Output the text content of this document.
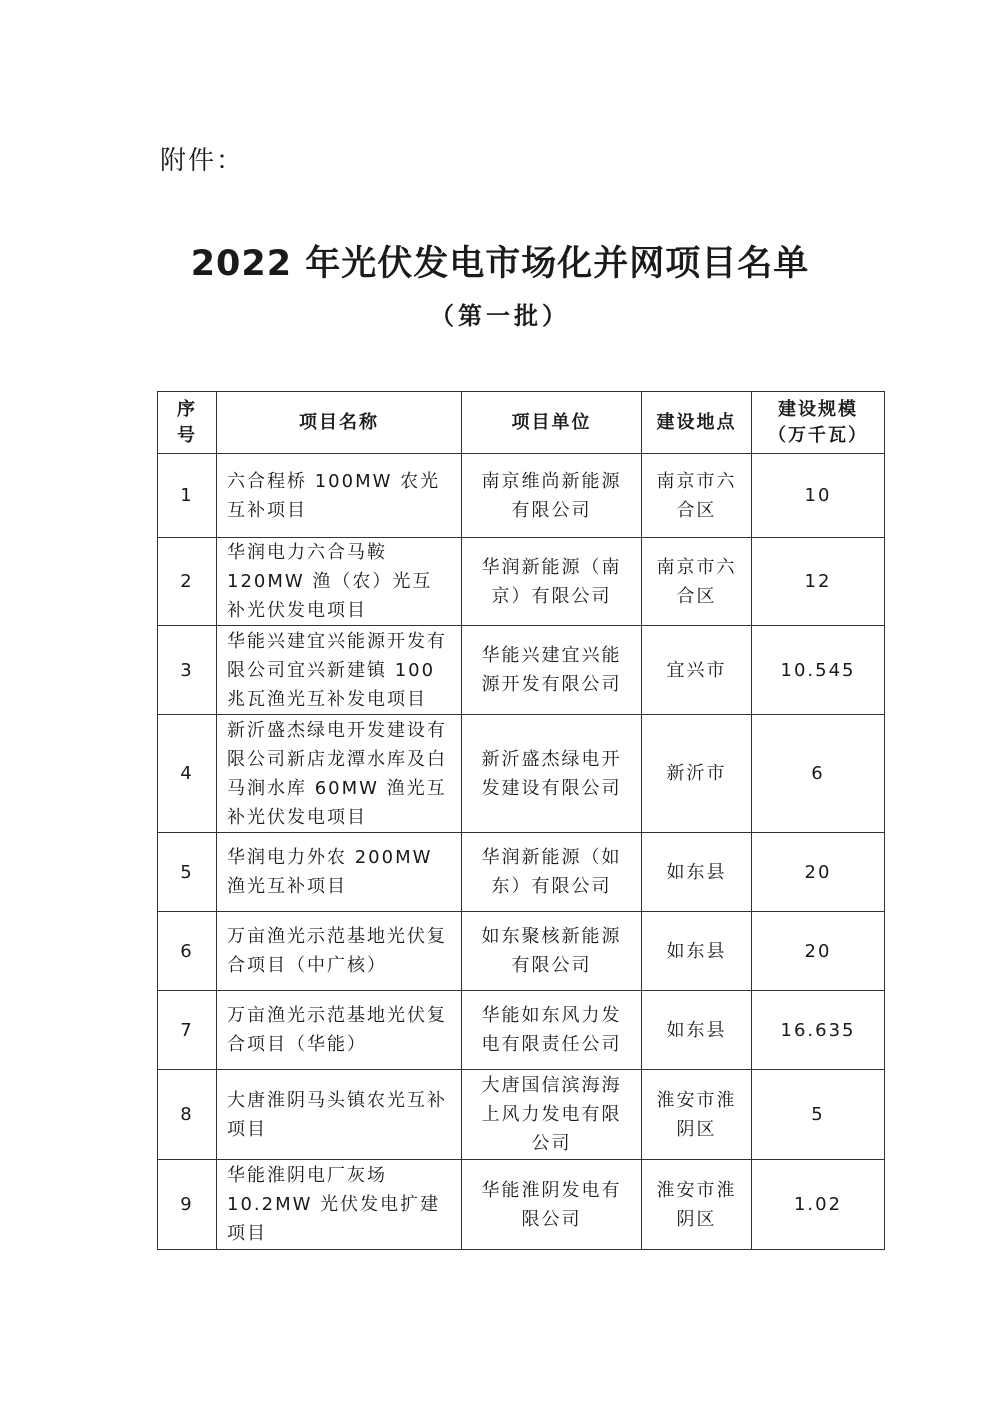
附件：
2022 年光伏发电市场化并网项目名单
（第一批）
序号	项目名称	项目单位	建设地点	建设规模（万千瓦）
1	六合程桥 100MW 农光互补项目	南京维尚新能源有限公司	南京市六合区	10
2	华润电力六合马鞍 120MW 渔（农）光互补光伏发电项目	华润新能源（南京）有限公司	南京市六合区	12
3	华能兴建宜兴能源开发有限公司宜兴新建镇 100 兆瓦渔光互补发电项目	华能兴建宜兴能源开发有限公司	宜兴市	10.545
4	新沂盛杰绿电开发建设有限公司新店龙潭水库及白马涧水库 60MW 渔光互补光伏发电项目	新沂盛杰绿电开发建设有限公司	新沂市	6
5	华润电力外农 200MW 渔光互补项目	华润新能源（如东）有限公司	如东县	20
6	万亩渔光示范基地光伏复合项目（中广核）	如东聚核新能源有限公司	如东县	20
7	万亩渔光示范基地光伏复合项目（华能）	华能如东风力发电有限责任公司	如东县	16.635
8	大唐淮阴马头镇农光互补项目	大唐国信滨海海上风力发电有限公司	淮安市淮阴区	5
9	华能淮阴电厂灰场 10.2MW 光伏发电扩建项目	华能淮阴发电有限公司	淮安市淮阴区	1.02
